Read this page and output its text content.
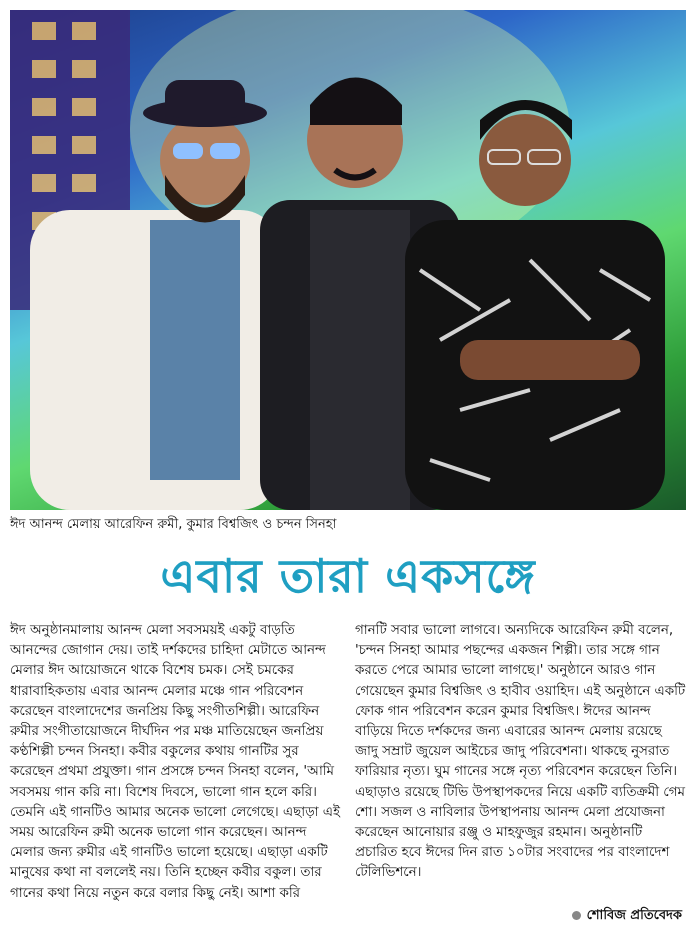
ঈদ আনন্দ মেলায় আরেফিন রুমী, কুমার বিশ্বজিৎ ও চন্দন সিনহা
এবার তারা একসঙ্গে

ঈদ অনুষ্ঠানমালায় আনন্দ মেলা সবসময়ই একটু বাড়তি আনন্দের জোগান দেয়। তাই দর্শকদের চাহিদা মেটাতে আনন্দ মেলার ঈদ আয়োজনে থাকে বিশেষ চমক। সেই চমকের ধারাবাহিকতায় এবার আনন্দ মেলার মঞ্চে গান পরিবেশন করেছেন বাংলাদেশের জনপ্রিয় কিছু সংগীতশিল্পী। আরেফিন রুমীর সংগীতায়োজনে দীর্ঘদিন পর মঞ্চ মাতিয়েছেন জনপ্রিয় কণ্ঠশিল্পী চন্দন সিনহা। কবীর বকুলের কথায় গানটির সুর করেছেন প্রথমা প্রযুক্তা। গান প্রসঙ্গে চন্দন সিনহা বলেন, 'আমি সবসময় গান করি না। বিশেষ দিবসে, ভালো গান হলে করি। তেমনি এই গানটিও আমার অনেক ভালো লেগেছে। এছাড়া এই সময় আরেফিন রুমী অনেক ভালো গান করেছেন। আনন্দ মেলার জন্য রুমীর এই গানটিও ভালো হয়েছে। এছাড়া একটি মানুষের কথা না বললেই নয়। তিনি হচ্ছেন কবীর বকুল। তার গানের কথা নিয়ে নতুন করে বলার কিছু নেই। আশা করি

গানটি সবার ভালো লাগবে। অন্যদিকে আরেফিন রুমী বলেন, 'চন্দন সিনহা আমার পছন্দের একজন শিল্পী। তার সঙ্গে গান করতে পেরে আমার ভালো লাগছে।' অনুষ্ঠানে আরও গান গেয়েছেন কুমার বিশ্বজিৎ ও হাবীব ওয়াহিদ। এই অনুষ্ঠানে একটি ফোক গান পরিবেশন করেন কুমার বিশ্বজিৎ। ঈদের আনন্দ বাড়িয়ে দিতে দর্শকদের জন্য এবারের আনন্দ মেলায় রয়েছে জাদু সম্রাট জুয়েল আইচের জাদু পরিবেশনা। থাকছে নুসরাত ফারিয়ার নৃত্য। ঘুম গানের সঙ্গে নৃত্য পরিবেশন করেছেন তিনি। এছাড়াও রয়েছে টিভি উপস্থাপকদের নিয়ে একটি ব্যতিক্রমী গেম শো। সজল ও নাবিলার উপস্থাপনায় আনন্দ মেলা প্রযোজনা করেছেন আনোয়ার রঞ্জু ও মাহফুজুর রহমান। অনুষ্ঠানটি প্রচারিত হবে ঈদের দিন রাত ১০টার সংবাদের পর বাংলাদেশ টেলিভিশনে।

শোবিজ প্রতিবেদক
